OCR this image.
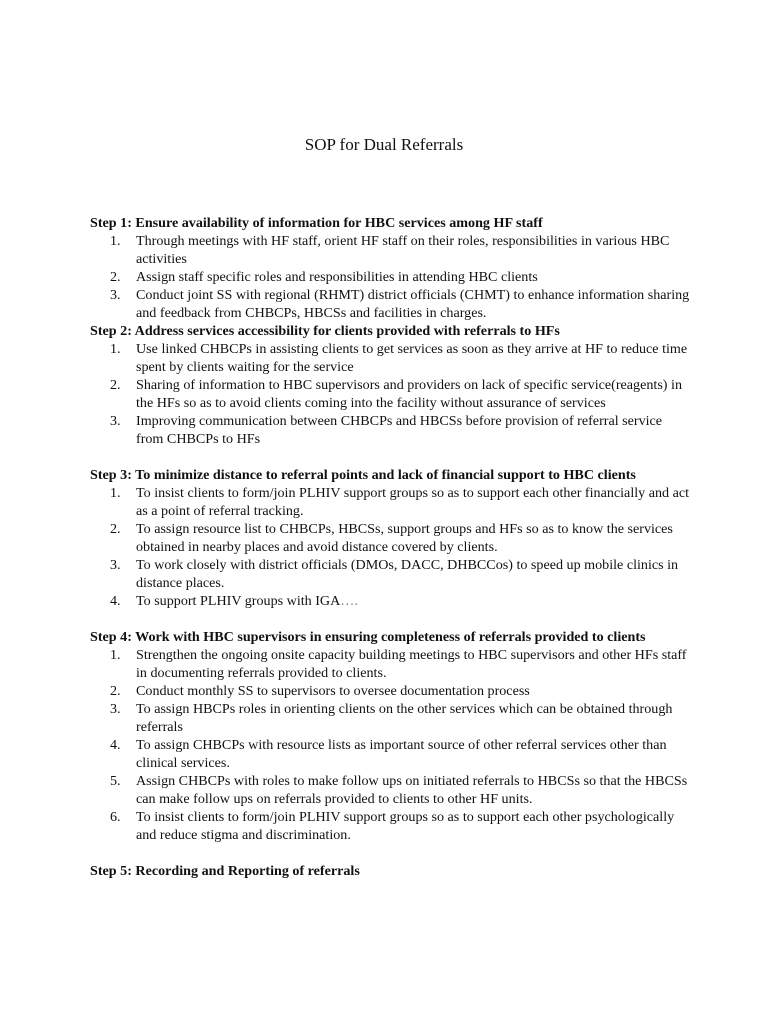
SOP for Dual Referrals

Step 1: Ensure availability of information for HBC services among HF staff

1. Through meetings with HF staff, orient HF staff on their roles, responsibilities in various HBC activities
2. Assign staff specific roles and responsibilities in attending HBC clients
3. Conduct joint SS with regional (RHMT) district officials (CHMT) to enhance information sharing and feedback from CHBCPs, HBCSs and facilities in charges.

Step 2: Address services accessibility for clients provided with referrals to HFs

1. Use linked CHBCPs in assisting clients to get services as soon as they arrive at HF to reduce time spent by clients waiting for the service
2. Sharing of information to HBC supervisors and providers on lack of specific service(reagents) in the HFs so as to avoid clients coming into the facility without assurance of services
3. Improving communication between CHBCPs and HBCSs before provision of referral service from CHBCPs to HFs

Step 3: To minimize distance to referral points and lack of financial support to HBC clients

1. To insist clients to form/join PLHIV support groups so as to support each other financially and act as a point of referral tracking.
2. To assign resource list to CHBCPs, HBCSs, support groups and HFs so as to know the services obtained in nearby places and avoid distance covered by clients.
3. To work closely with district officials (DMOs, DACC, DHBCCos) to speed up mobile clinics in distance places.
4. To support PLHIV groups with IGA….

Step 4: Work with HBC supervisors in ensuring completeness of referrals provided to clients

1. Strengthen the ongoing onsite capacity building meetings to HBC supervisors and other HFs staff in documenting referrals provided to clients.
2. Conduct monthly SS to supervisors to oversee documentation process
3. To assign HBCPs roles in orienting clients on the other services which can be obtained through referrals
4. To assign CHBCPs with resource lists as important source of other referral services other than clinical services.
5. Assign CHBCPs with roles to make follow ups on initiated referrals to HBCSs so that the HBCSs can make follow ups on referrals provided to clients to other HF units.
6. To insist clients to form/join PLHIV support groups so as to support each other psychologically and reduce stigma and discrimination.

Step 5: Recording and Reporting of referrals
